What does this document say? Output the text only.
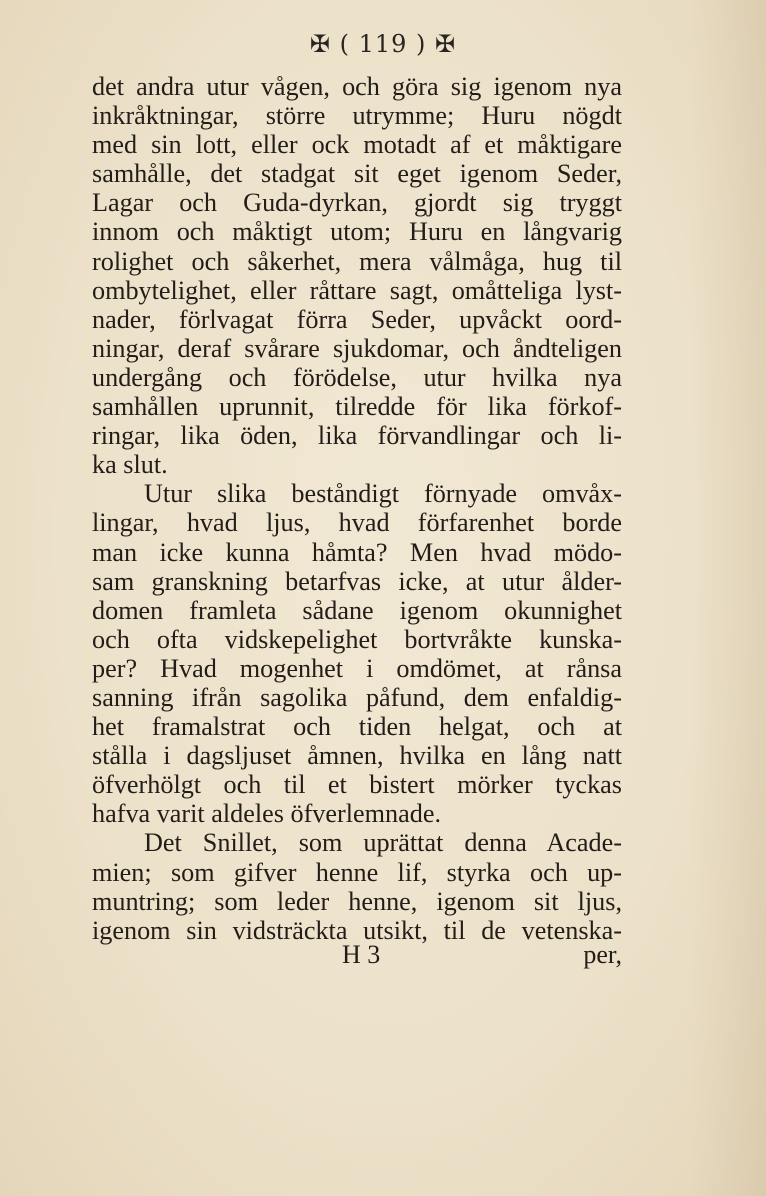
✠ ( 119 ) ✠
det andra utur vågen, och göra sig igenom nya
inkråktningar, större utrymme; Huru nögdt
med sin lott, eller ock motadt af et måktigare
samhålle, det stadgat sit eget igenom Seder,
Lagar och Guda-dyrkan, gjordt sig tryggt
innom och måktigt utom; Huru en långvarig
rolighet och såkerhet, mera vålmåga, hug til
ombytelighet, eller råttare sagt, omåtteliga lyst-
nader, förlvagat förra Seder, upvåckt oord-
ningar, deraf svårare sjukdomar, och åndteligen
undergång och förödelse, utur hvilka nya
samhållen uprunnit, tilredde för lika förkof-
ringar, lika öden, lika förvandlingar och li-
ka slut.
Utur slika beståndigt förnyade omvåx-
lingar, hvad ljus, hvad förfarenhet borde
man icke kunna håmta? Men hvad mödo-
sam granskning betarfvas icke, at utur ålder-
domen framleta sådane igenom okunnighet
och ofta vidskepelighet bortvråkte kunska-
per? Hvad mogenhet i omdömet, at rånsa
sanning ifrån sagolika påfund, dem enfaldig-
het framalstrat och tiden helgat, och at
stålla i dagsljuset åmnen, hvilka en lång natt
öfverhölgt och til et bistert mörker tyckas
hafva varit aldeles öfverlemnade.
Det Snillet, som uprättat denna Acade-
mien; som gifver henne lif, styrka och up-
muntring; som leder henne, igenom sit ljus,
igenom sin vidsträckta utsikt, til de vetenska-
H 3	per,
